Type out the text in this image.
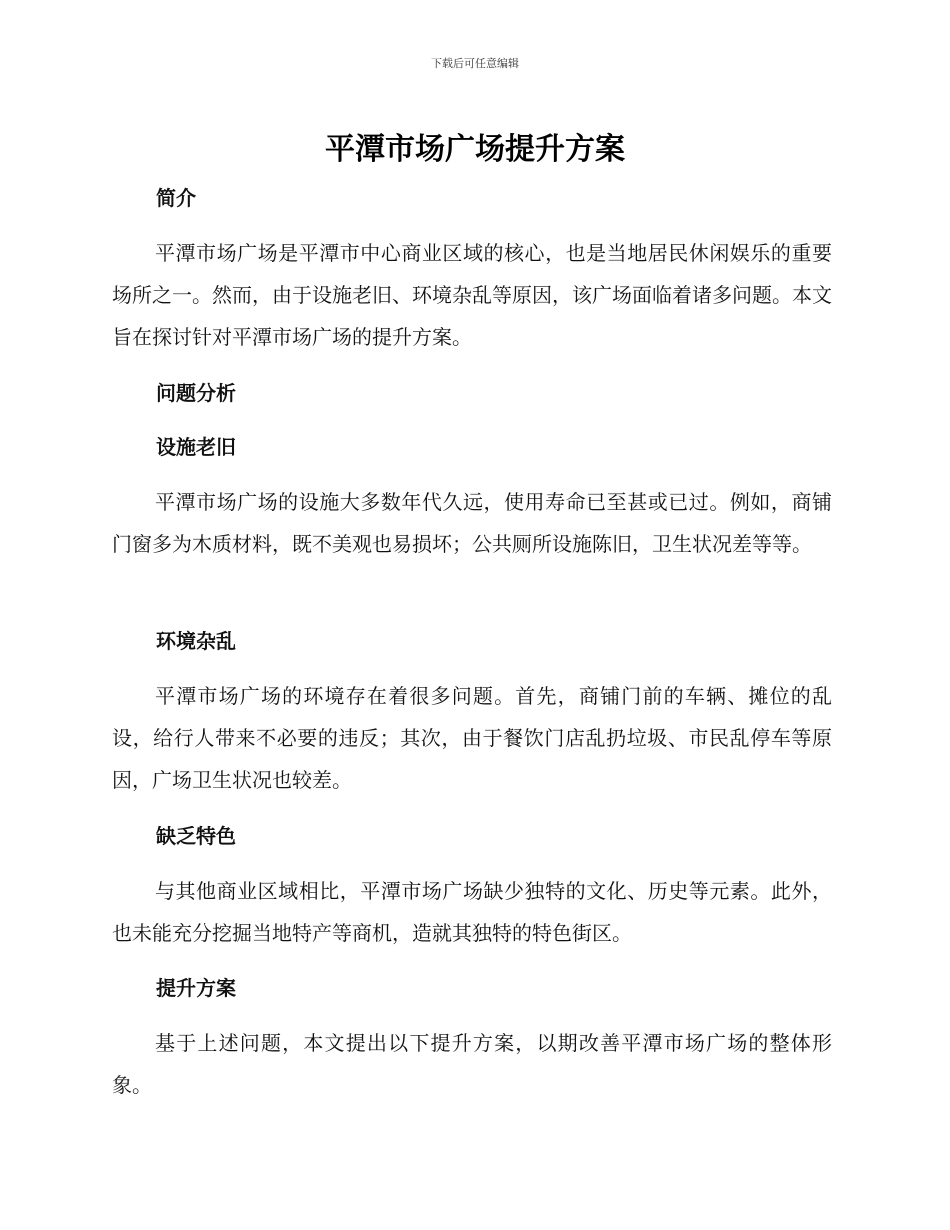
下载后可任意编辑
平潭市场广场提升方案
简介
平潭市场广场是平潭市中心商业区域的核心，也是当地居民休闲娱乐的重要场所之一。然而，由于设施老旧、环境杂乱等原因，该广场面临着诸多问题。本文旨在探讨针对平潭市场广场的提升方案。
问题分析
设施老旧
平潭市场广场的设施大多数年代久远，使用寿命已至甚或已过。例如，商铺门窗多为木质材料，既不美观也易损坏；公共厕所设施陈旧，卫生状况差等等。
环境杂乱
平潭市场广场的环境存在着很多问题。首先，商铺门前的车辆、摊位的乱设，给行人带来不必要的违反；其次，由于餐饮门店乱扔垃圾、市民乱停车等原因，广场卫生状况也较差。
缺乏特色
与其他商业区域相比，平潭市场广场缺少独特的文化、历史等元素。此外，也未能充分挖掘当地特产等商机，造就其独特的特色街区。
提升方案
基于上述问题，本文提出以下提升方案，以期改善平潭市场广场的整体形象。
